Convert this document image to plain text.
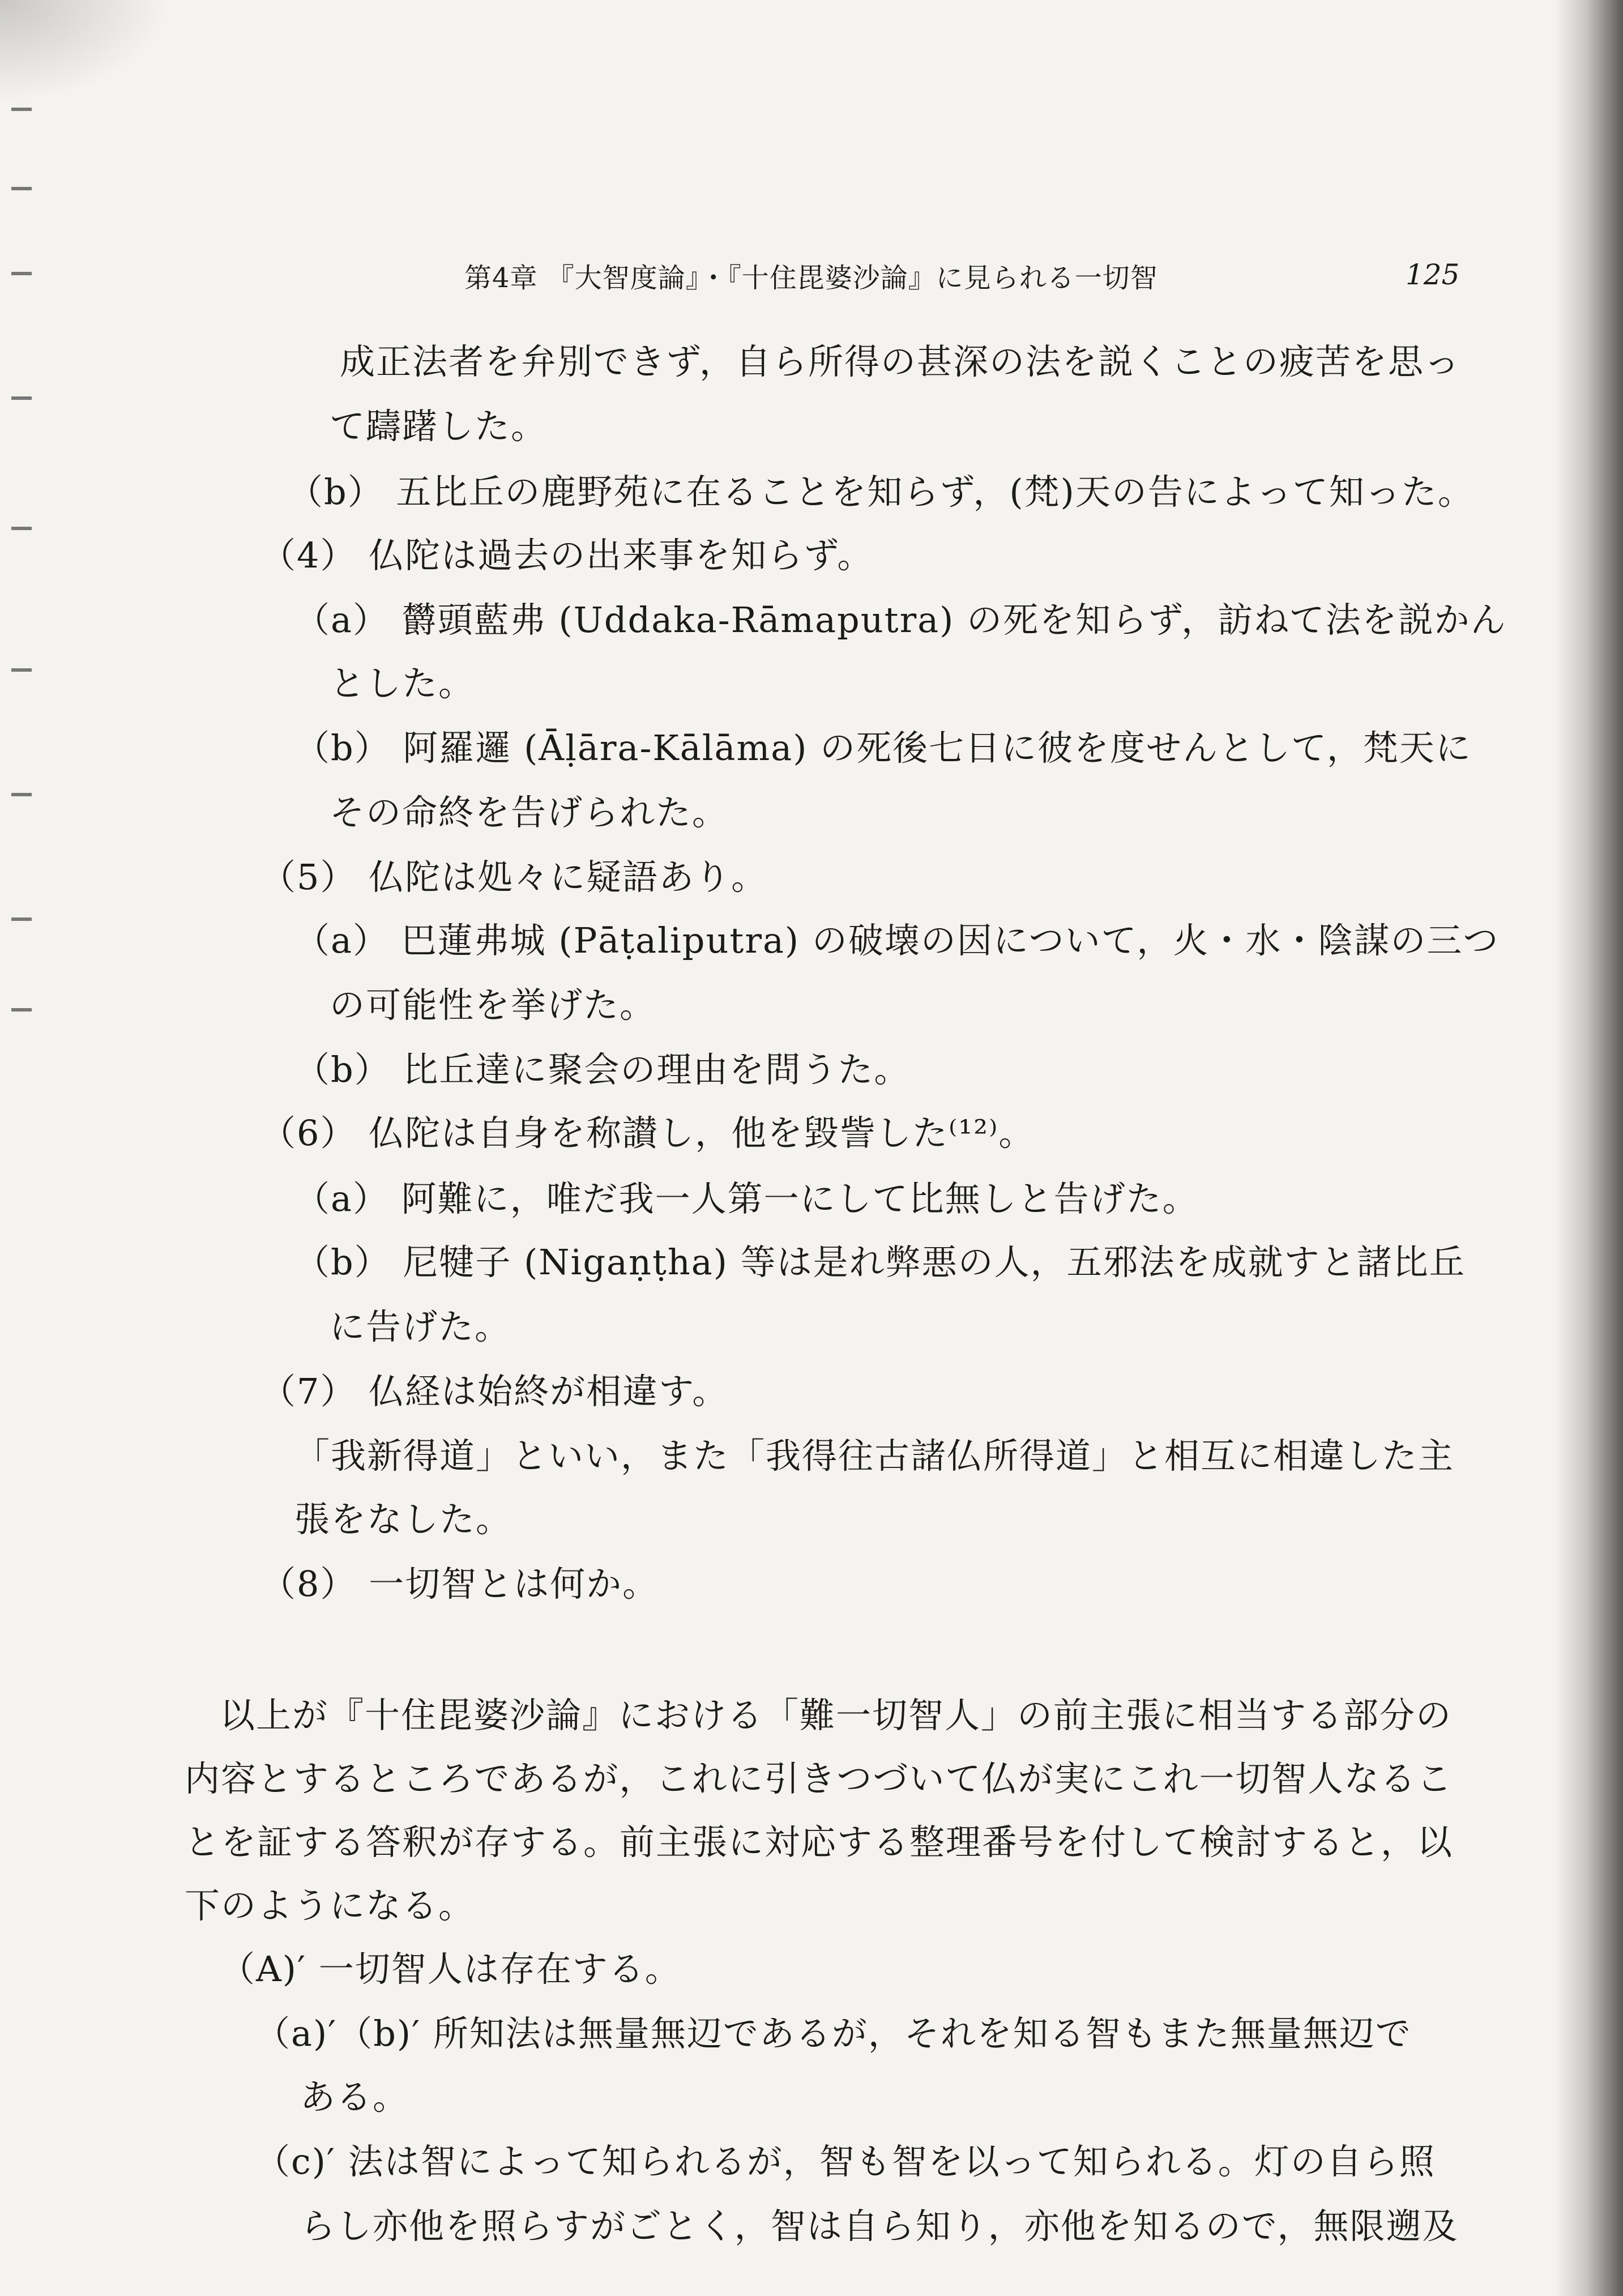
第4章 『大智度論』・『十住毘婆沙論』に見られる一切智	125
成正法者を弁別できず，自ら所得の甚深の法を説くことの疲苦を思っ
て躊躇した。
（b） 五比丘の鹿野苑に在ることを知らず，(梵)天の告によって知った。
（4） 仏陀は過去の出来事を知らず。
（a） 欝頭藍弗 (Uddaka-Rāmaputra) の死を知らず，訪ねて法を説かん
とした。
（b） 阿羅邏 (Āḷāra-Kālāma) の死後七日に彼を度せんとして，梵天に
その命終を告げられた。
（5） 仏陀は処々に疑語あり。
（a） 巴蓮弗城 (Pāṭaliputra) の破壊の因について，火・水・陰謀の三つ
の可能性を挙げた。
（b） 比丘達に聚会の理由を問うた。
（6） 仏陀は自身を称讃し，他を毀訾した⁽¹²⁾。
（a） 阿難に，唯だ我一人第一にして比無しと告げた。
（b） 尼犍子 (Nigaṇṭha) 等は是れ弊悪の人，五邪法を成就すと諸比丘
に告げた。
（7） 仏経は始終が相違す。
「我新得道」といい，また「我得往古諸仏所得道」と相互に相違した主
張をなした。
（8） 一切智とは何か。
以上が『十住毘婆沙論』における「難一切智人」の前主張に相当する部分の
内容とするところであるが，これに引きつづいて仏が実にこれ一切智人なるこ
とを証する答釈が存する。前主張に対応する整理番号を付して検討すると，以
下のようになる。
（A)′ 一切智人は存在する。
（a)′（b)′ 所知法は無量無辺であるが，それを知る智もまた無量無辺で
ある。
（c)′ 法は智によって知られるが，智も智を以って知られる。灯の自ら照
らし亦他を照らすがごとく，智は自ら知り，亦他を知るので，無限遡及
